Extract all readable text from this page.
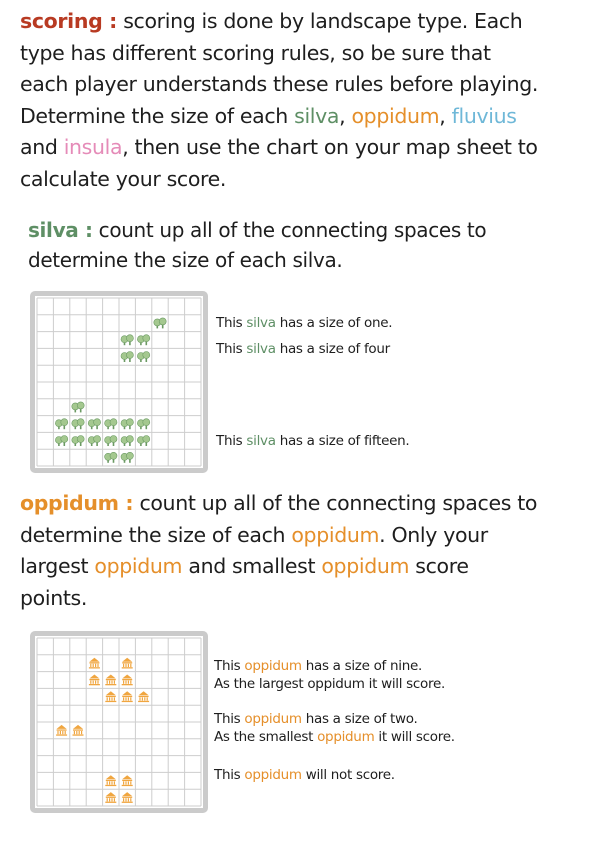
scoring : scoring is done by landscape type. Each
type has different scoring rules, so be sure that
each player understands these rules before playing.
Determine the size of each silva, oppidum, fluvius
and insula, then use the chart on your map sheet to
calculate your score.

silva : count up all of the connecting spaces to
determine the size of each silva.

This silva has a size of one.

This silva has a size of four

This silva has a size of fifteen.

oppidum : count up all of the connecting spaces to
determine the size of each oppidum. Only your
largest oppidum and smallest oppidum score
points.

This oppidum has a size of nine.
As the largest oppidum it will score.
This oppidum has a size of two.
As the smallest oppidum it will score.
This oppidum will not score.
